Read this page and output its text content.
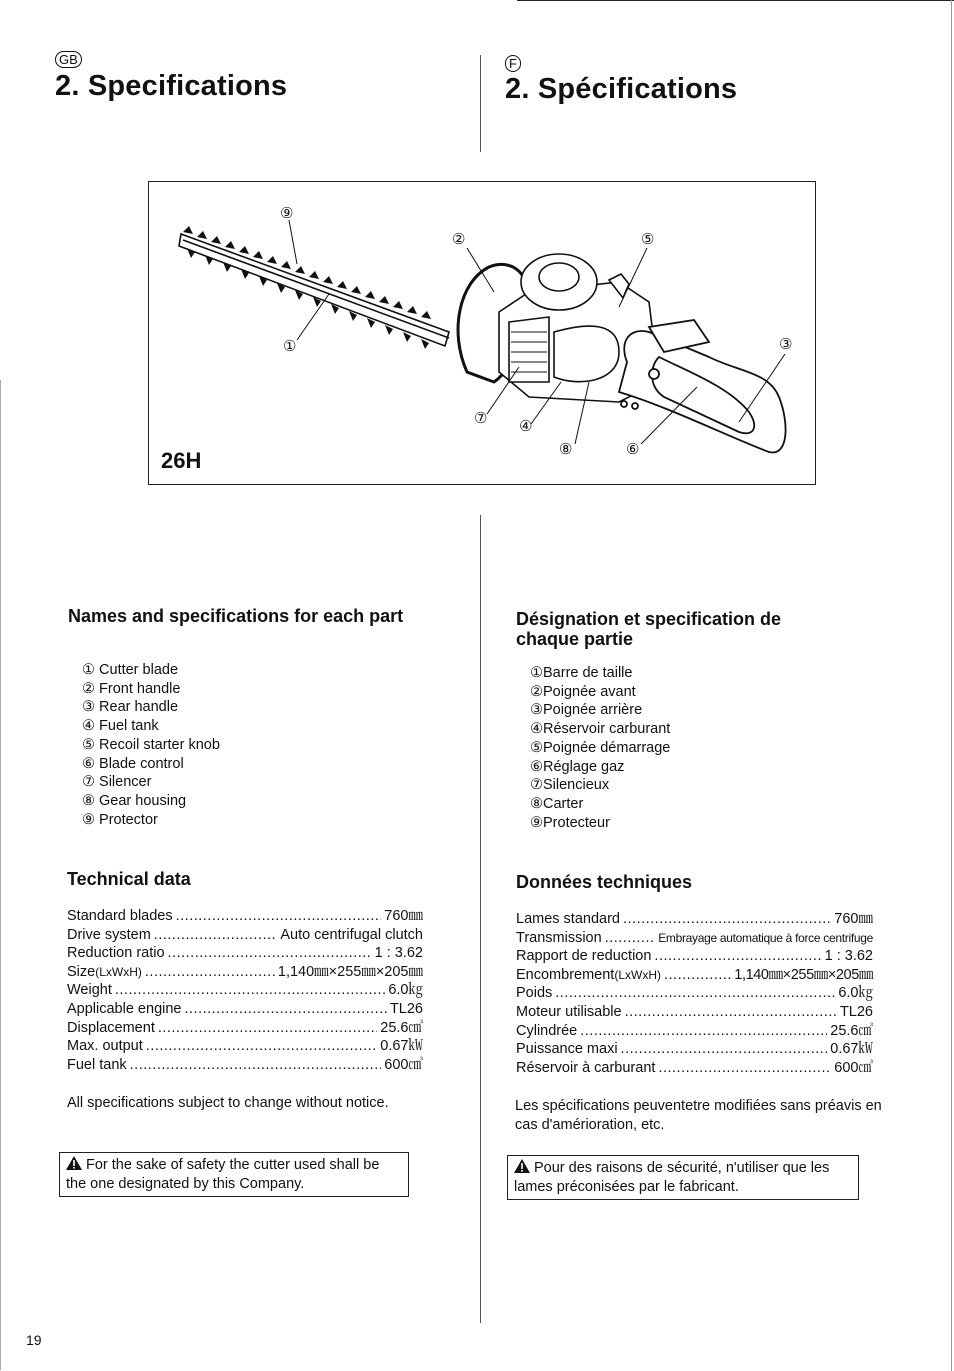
GB
2. Specifications
F
2. Spécifications
⑨
②	⑤
①	③
⑦ ④
⑧	⑥
26H
Names and specifications for each part
① Cutter blade
② Front handle
③ Rear handle
④ Fuel tank
⑤ Recoil starter knob
⑥ Blade control
⑦ Silencer
⑧ Gear housing
⑨ Protector
Technical data
Standard blades .....	760㎜
Drive system .....	Auto centrifugal clutch
Reduction ratio .....	1 : 3.62
Size (LxWxH) .....	1,140㎜×255㎜×205㎜
Weight .....	6.0㎏
Applicable engine .....	TL26
Displacement .....	25.6㎤
Max. output .....	0.67㎾
Fuel tank .....	600㎤
All specifications subject to change without notice.
For the sake of safety the cutter used shall be the one designated by this Company.
Désignation et specification de chaque partie
①Barre de taille
②Poignée avant
③Poignée arrière
④Réservoir carburant
⑤Poignée démarrage
⑥Réglage gaz
⑦Silencieux
⑧Carter
⑨Protecteur
Données techniques
Lames standard .....	760㎜
Transmission .....	Embrayage automatique à force centrifuge
Rapport de reduction .....	1 : 3.62
Encombrement (LxWxH) .....	1,140㎜×255㎜×205㎜
Poids .....	6.0㎏
Moteur utilisable .....	TL26
Cylindrée .....	25.6㎤
Puissance maxi .....	0.67㎾
Réservoir à carburant .....	600㎤
Les spécifications peuventetre modifiées sans préavis en cas d'amérioration, etc.
Pour des raisons de sécurité, n'utiliser que les lames préconisées par le fabricant.
19
